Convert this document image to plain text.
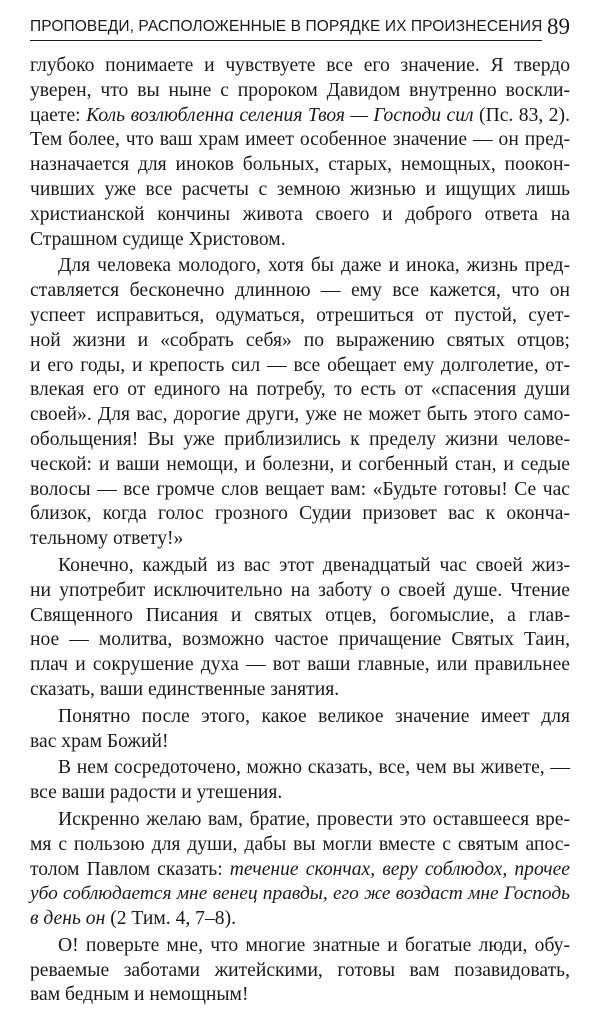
ПРОПОВЕДИ, РАСПОЛОЖЕННЫЕ В ПОРЯДКЕ ИХ ПРОИЗНЕСЕНИЯ 89

глубоко понимаете и чувствуете все его значение. Я твердо
уверен, что вы ныне с пророком Давидом внутренно воскли-
цаете: Коль возлюбленна селения Твоя — Господи сил (Пс. 83, 2).
Тем более, что ваш храм имеет особенное значение — он пред-
назначается для иноков больных, старых, немощных, поокон-
чивших уже все расчеты с земною жизнью и ищущих лишь
христианской кончины живота своего и доброго ответа на
Страшном судище Христовом.

Для человека молодого, хотя бы даже и инока, жизнь пред-
ставляется бесконечно длинною — ему все кажется, что он
успеет исправиться, одуматься, отрешиться от пустой, сует-
ной жизни и «собрать себя» по выражению святых отцов;
и его годы, и крепость сил — все обещает ему долголетие, от-
влекая его от единого на потребу, то есть от «спасения души
своей». Для вас, дорогие други, уже не может быть этого само-
обольщения! Вы уже приблизились к пределу жизни челове-
ческой: и ваши немощи, и болезни, и согбенный стан, и седые
волосы — все громче слов вещает вам: «Будьте готовы! Се час
близок, когда голос грозного Судии призовет вас к оконча-
тельному ответу!»

Конечно, каждый из вас этот двенадцатый час своей жиз-
ни употребит исключительно на заботу о своей душе. Чтение
Священного Писания и святых отцев, богомыслие, а глав-
ное — молитва, возможно частое причащение Святых Таин,
плач и сокрушение духа — вот ваши главные, или правильнее
сказать, ваши единственные занятия.

Понятно после этого, какое великое значение имеет для
вас храм Божий!

В нем сосредоточено, можно сказать, все, чем вы живете, —
все ваши радости и утешения.

Искренно желаю вам, братие, провести это оставшееся вре-
мя с пользою для души, дабы вы могли вместе с святым апос-
толом Павлом сказать: течение скончах, веру соблюдох, прочее
убо соблюдается мне венец правды, его же воздаст мне Господь
в день он (2 Тим. 4, 7–8).

О! поверьте мне, что многие знатные и богатые люди, обу-
реваемые заботами житейскими, готовы вам позавидовать,
вам бедным и немощным!
